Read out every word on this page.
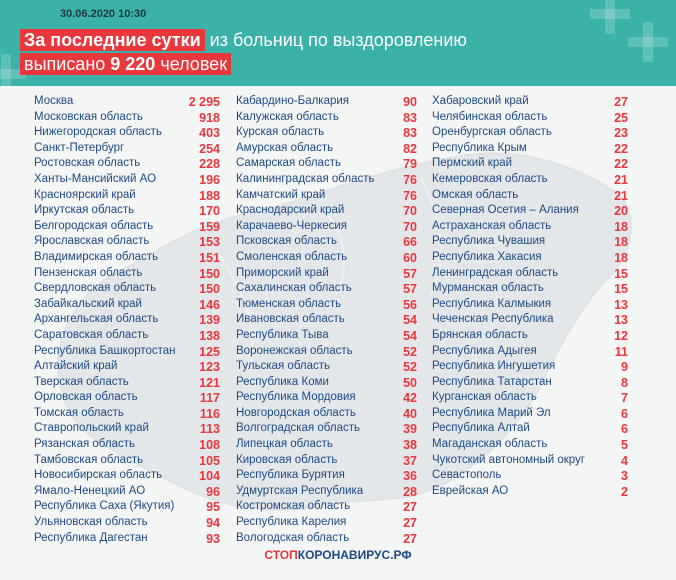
30.06.2020 10:30
За последние сутки из больниц по выздоровлению
выписано 9 220 человек
Москва	2 295
Московская область	918
Нижегородская область	403
Санкт-Петербург	254
Ростовская область	228
Ханты-Мансийский АО	196
Красноярский край	188
Иркутская область	170
Белгородская область	159
Ярославская область	153
Владимирская область	151
Пензенская область	150
Свердловская область	150
Забайкальский край	146
Архангельская область	139
Саратовская область	138
Республика Башкортостан 125
Алтайский край	123
Тверская область	121
Орловская область	117
Томская область	116
Ставропольский край	113
Рязанская область	108
Тамбовская область	105
Новосибирская область	104
Ямало-Ненецкий АО	96
Республика Саха (Якутия)	95
Ульяновская область	94
Республика Дагестан	93
Кабардино-Балкария	90
Калужская область	83
Курская область	83
Амурская область	82
Самарская область	79
Калининградская область 76
Камчатский край	76
Краснодарский край	70
Карачаево-Черкесия	70
Псковская область	66
Смоленская область	60
Приморский край	57
Сахалинская область	57
Тюменская область	56
Ивановская область	54
Республика Тыва	54
Воронежская область	52
Тульская область	52
Республика Коми	50
Республика Мордовия	42
Новгородская область	40
Волгоградская область	39
Липецкая область	38
Кировская область	37
Республика Бурятия	36
Удмуртская Республика	28
Костромская область	27
Республика Карелия	27
Вологодская область	27
Хабаровский край	27
Челябинская область	25
Оренбургская область	23
Республика Крым	22
Пермский край	22
Кемеровская область	21
Омская область	21
Северная Осетия – Алания	20
Астраханская область	18
Республика Чувашия	18
Республика Хакасия	18
Ленинградская область	15
Мурманская область	15
Республика Калмыкия	13
Чеченская Республика	13
Брянская область	12
Республика Адыгея	11
Республика Ингушетия	9
Республика Татарстан	8
Курганская область	7
Республика Марий Эл	6
Республика Алтай	6
Магаданская область	5
Чукотский автономный округ	4
Севастополь	3
Еврейская АО	2
СТОПКОРОНАВИРУС.РФ
